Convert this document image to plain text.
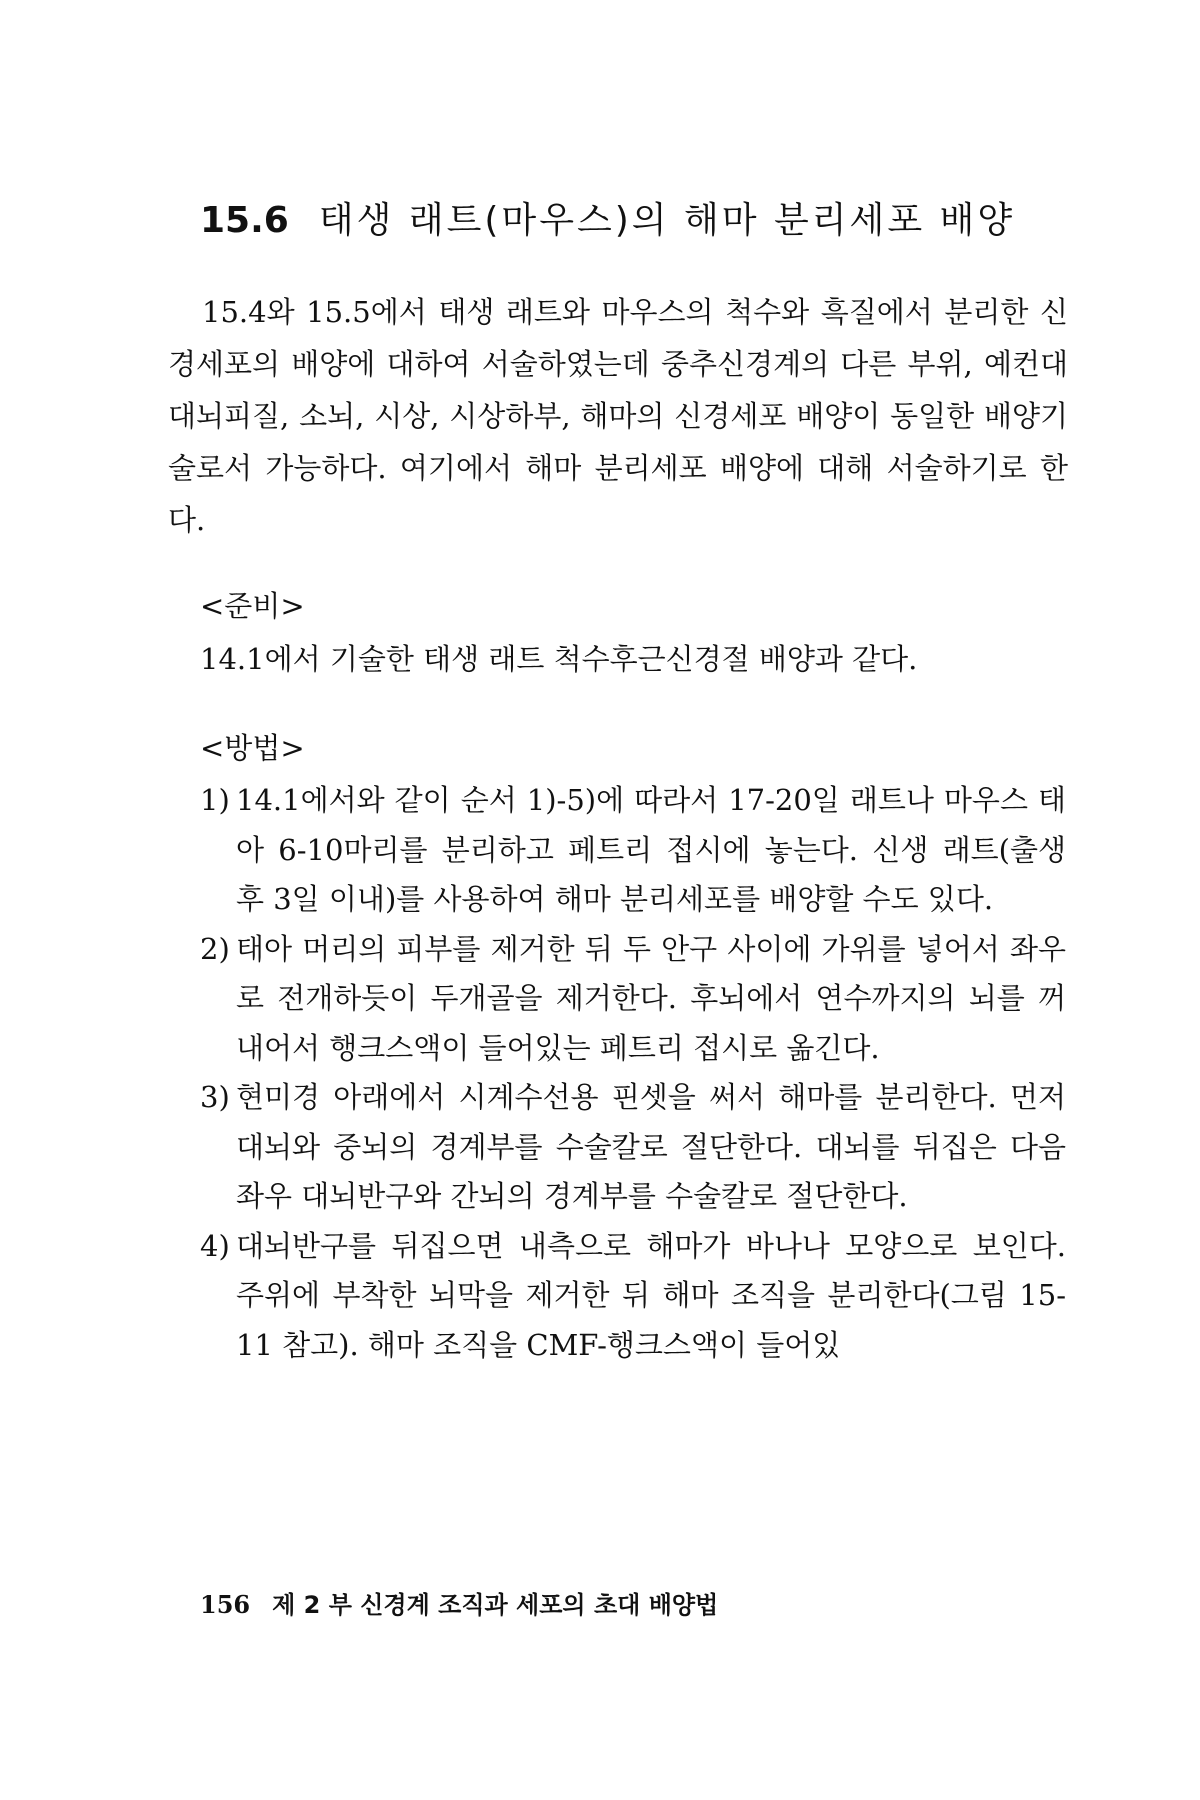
15.6 태생 래트(마우스)의 해마 분리세포 배양

15.4와 15.5에서 태생 래트와 마우스의 척수와 흑질에서 분리한 신경세포의 배양에 대하여 서술하였는데 중추신경계의 다른 부위, 예컨대 대뇌피질, 소뇌, 시상, 시상하부, 해마의 신경세포 배양이 동일한 배양기술로서 가능하다. 여기에서 해마 분리세포 배양에 대해 서술하기로 한다.

<준비>

14.1에서 기술한 태생 래트 척수후근신경절 배양과 같다.

<방법>

1) 14.1에서와 같이 순서 1)-5)에 따라서 17-20일 래트나 마우스 태아 6-10마리를 분리하고 페트리 접시에 놓는다. 신생 래트(출생 후 3일 이내)를 사용하여 해마 분리세포를 배양할 수도 있다.
2) 태아 머리의 피부를 제거한 뒤 두 안구 사이에 가위를 넣어서 좌우로 전개하듯이 두개골을 제거한다. 후뇌에서 연수까지의 뇌를 꺼내어서 행크스액이 들어있는 페트리 접시로 옮긴다.
3) 현미경 아래에서 시계수선용 핀셋을 써서 해마를 분리한다. 먼저 대뇌와 중뇌의 경계부를 수술칼로 절단한다. 대뇌를 뒤집은 다음 좌우 대뇌반구와 간뇌의 경계부를 수술칼로 절단한다.
4) 대뇌반구를 뒤집으면 내측으로 해마가 바나나 모양으로 보인다. 주위에 부착한 뇌막을 제거한 뒤 해마 조직을 분리한다(그림 15-11 참고). 해마 조직을 CMF-행크스액이 들어있

156 제 2 부 신경계 조직과 세포의 초대 배양법
